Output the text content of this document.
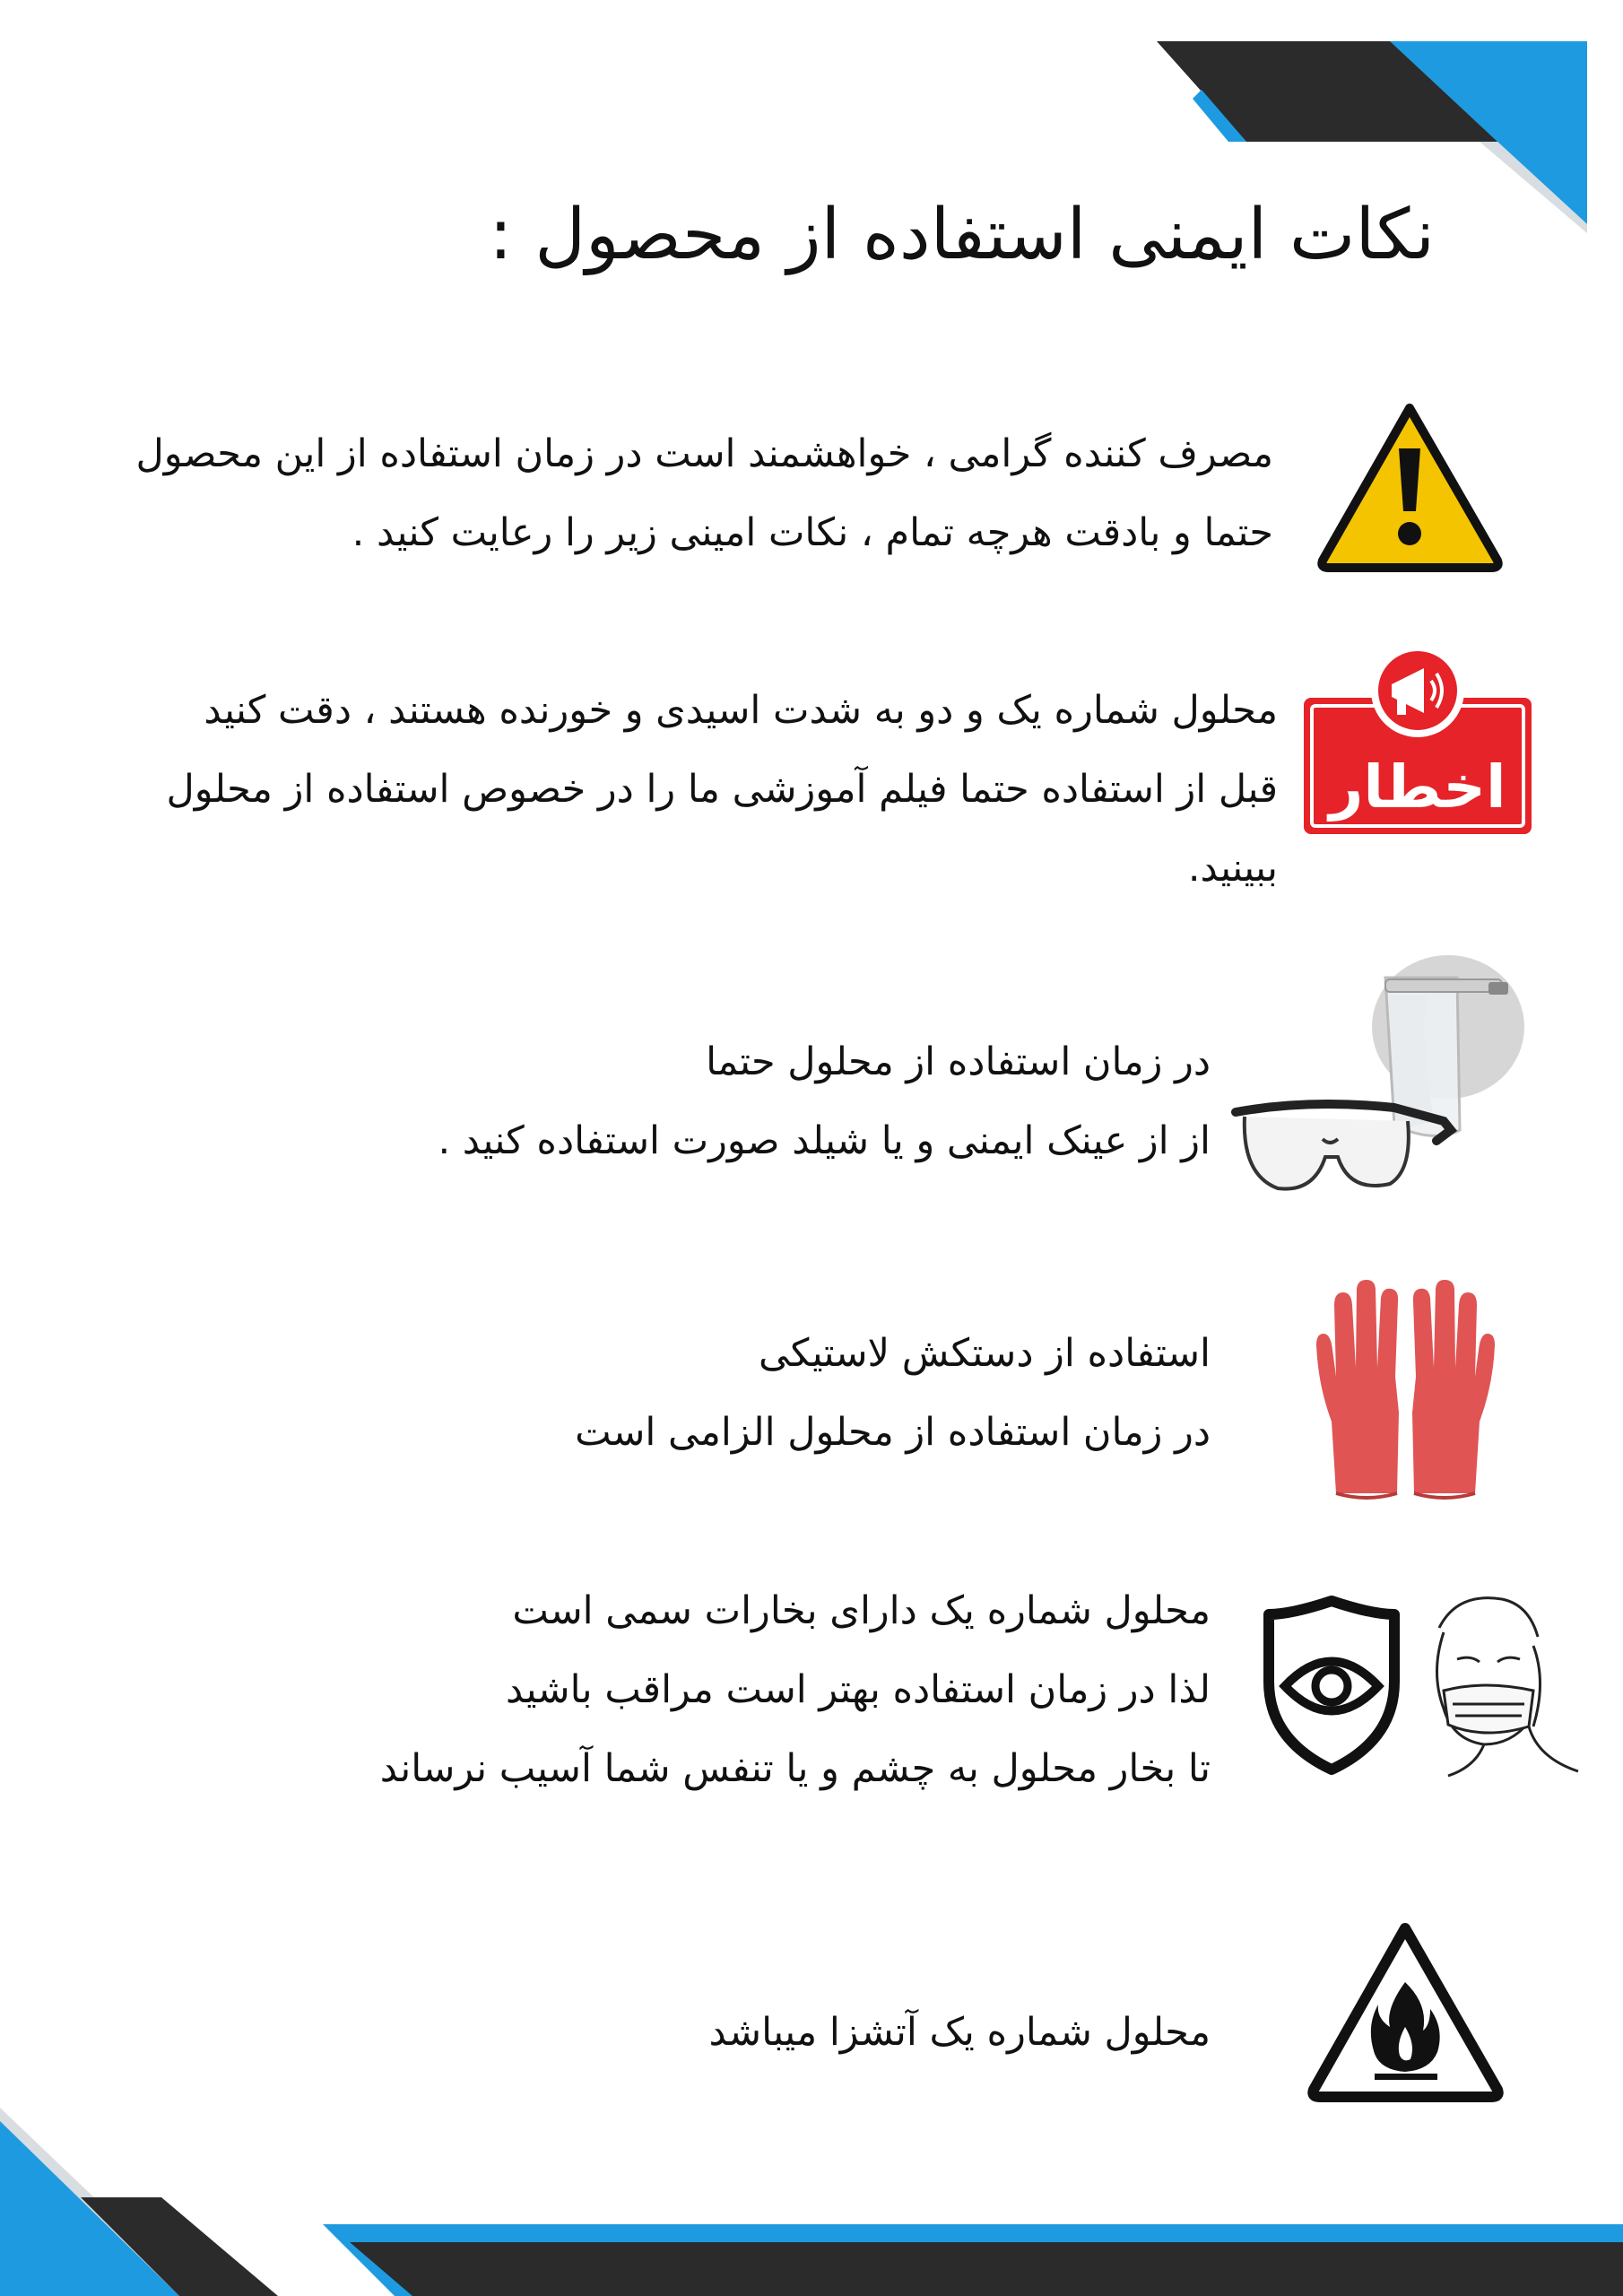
نکات ایمنی استفاده از محصول :

مصرف کننده گرامی ، خواهشمند است در زمان استفاده از این محصول

حتما و بادقت هرچه تمام ، نکات امینی زیر را رعایت کنید .

اخطار

محلول شماره یک و دو به شدت اسیدی و خورنده هستند ، دقت کنید

قبل از استفاده حتما فیلم آموزشی ما را در خصوص استفاده از محلول

ببینید.

در زمان استفاده از محلول حتما

از از عینک ایمنی و یا شیلد صورت استفاده کنید .

استفاده از دستکش لاستیکی

در زمان استفاده از محلول الزامی است

محلول شماره یک دارای بخارات سمی است

لذا در زمان استفاده بهتر است مراقب باشید

تا بخار محلول به چشم و یا تنفس شما آسیب نرساند

محلول شماره یک آتشزا میباشد
